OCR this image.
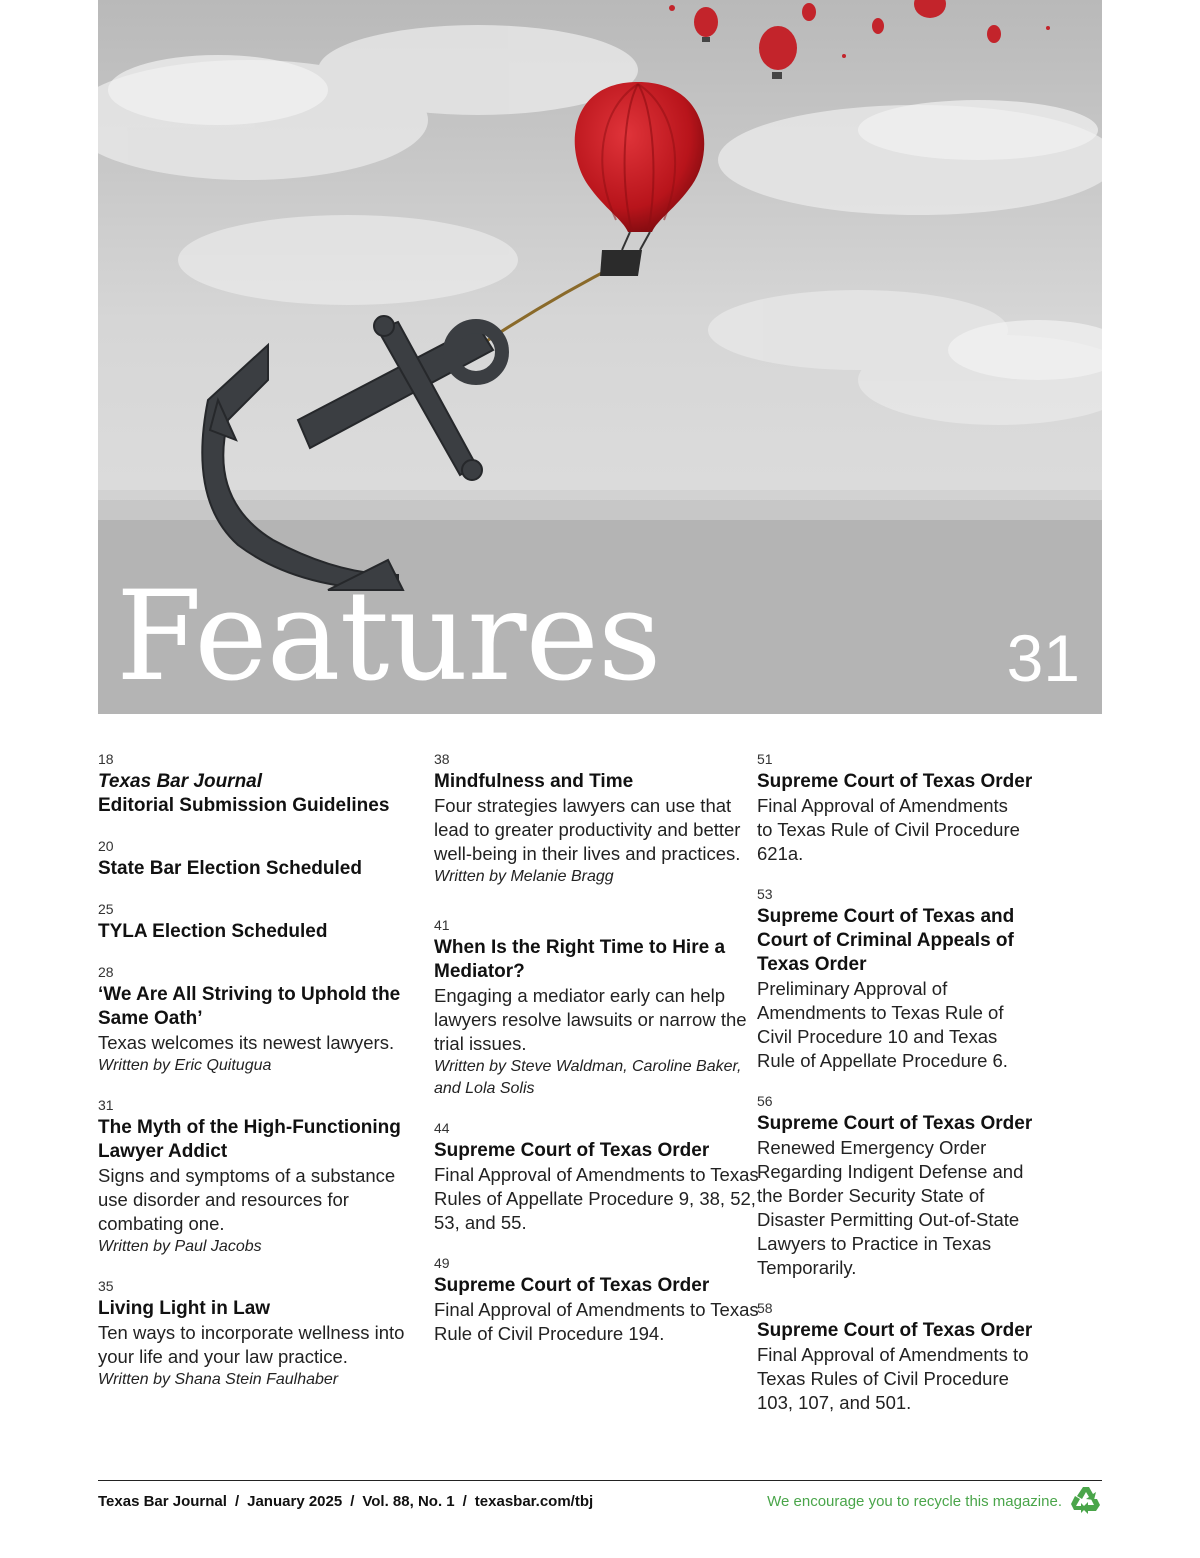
Features	31
18
Texas Bar Journal
Editorial Submission Guidelines
20
State Bar Election Scheduled
25
TYLA Election Scheduled
28
‘We Are All Striving to Uphold the Same Oath’
Texas welcomes its newest lawyers.
Written by Eric Quitugua
31
The Myth of the High-Functioning Lawyer Addict
Signs and symptoms of a substance use disorder and resources for combating one.
Written by Paul Jacobs
35
Living Light in Law
Ten ways to incorporate wellness into your life and your law practice.
Written by Shana Stein Faulhaber
38
Mindfulness and Time
Four strategies lawyers can use that lead to greater productivity and better well-being in their lives and practices.
Written by Melanie Bragg
41
When Is the Right Time to Hire a Mediator?
Engaging a mediator early can help lawyers resolve lawsuits or narrow the trial issues.
Written by Steve Waldman, Caroline Baker, and Lola Solis
44
Supreme Court of Texas Order
Final Approval of Amendments to Texas Rules of Appellate Procedure 9, 38, 52, 53, and 55.
49
Supreme Court of Texas Order
Final Approval of Amendments to Texas Rule of Civil Procedure 194.
51
Supreme Court of Texas Order
Final Approval of Amendments to Texas Rule of Civil Procedure 621a.
53
Supreme Court of Texas and Court of Criminal Appeals of Texas Order
Preliminary Approval of Amendments to Texas Rule of Civil Procedure 10 and Texas Rule of Appellate Procedure 6.
56
Supreme Court of Texas Order
Renewed Emergency Order Regarding Indigent Defense and the Border Security State of Disaster Permitting Out-of-State Lawyers to Practice in Texas Temporarily.
58
Supreme Court of Texas Order
Final Approval of Amendments to Texas Rules of Civil Procedure 103, 107, and 501.
Texas Bar Journal / January 2025 / Vol. 88, No. 1 / texasbar.com/tbj	We encourage you to recycle this magazine.
